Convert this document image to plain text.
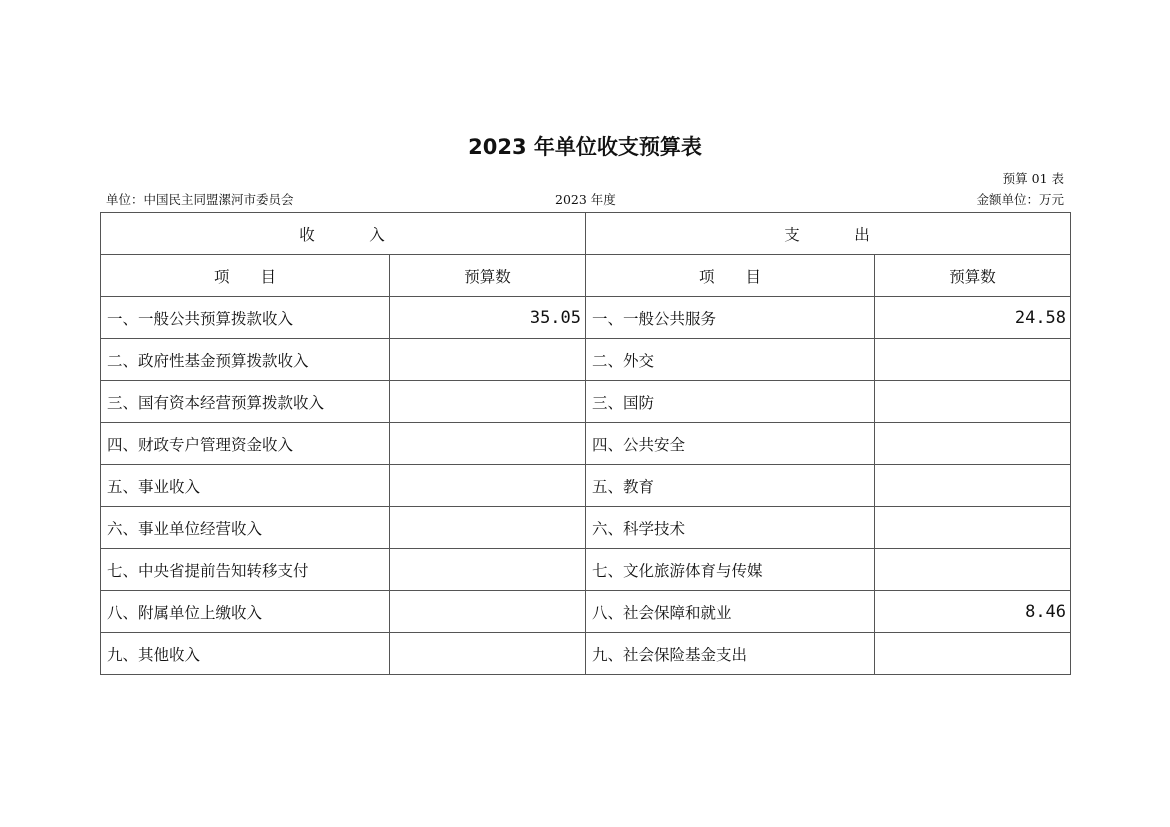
2023 年单位收支预算表
预算 01 表
单位：中国民主同盟漯河市委员会	2023 年度	金额单位：万元
收　　　入		支　　　出	
项　　目	预算数	项　　目	预算数
一、一般公共预算拨款收入	35.05	一、一般公共服务	24.58
二、政府性基金预算拨款收入		二、外交	
三、国有资本经营预算拨款收入		三、国防	
四、财政专户管理资金收入		四、公共安全	
五、事业收入		五、教育	
六、事业单位经营收入		六、科学技术	
七、中央省提前告知转移支付		七、文化旅游体育与传媒	
八、附属单位上缴收入		八、社会保障和就业	8.46
九、其他收入		九、社会保险基金支出	
